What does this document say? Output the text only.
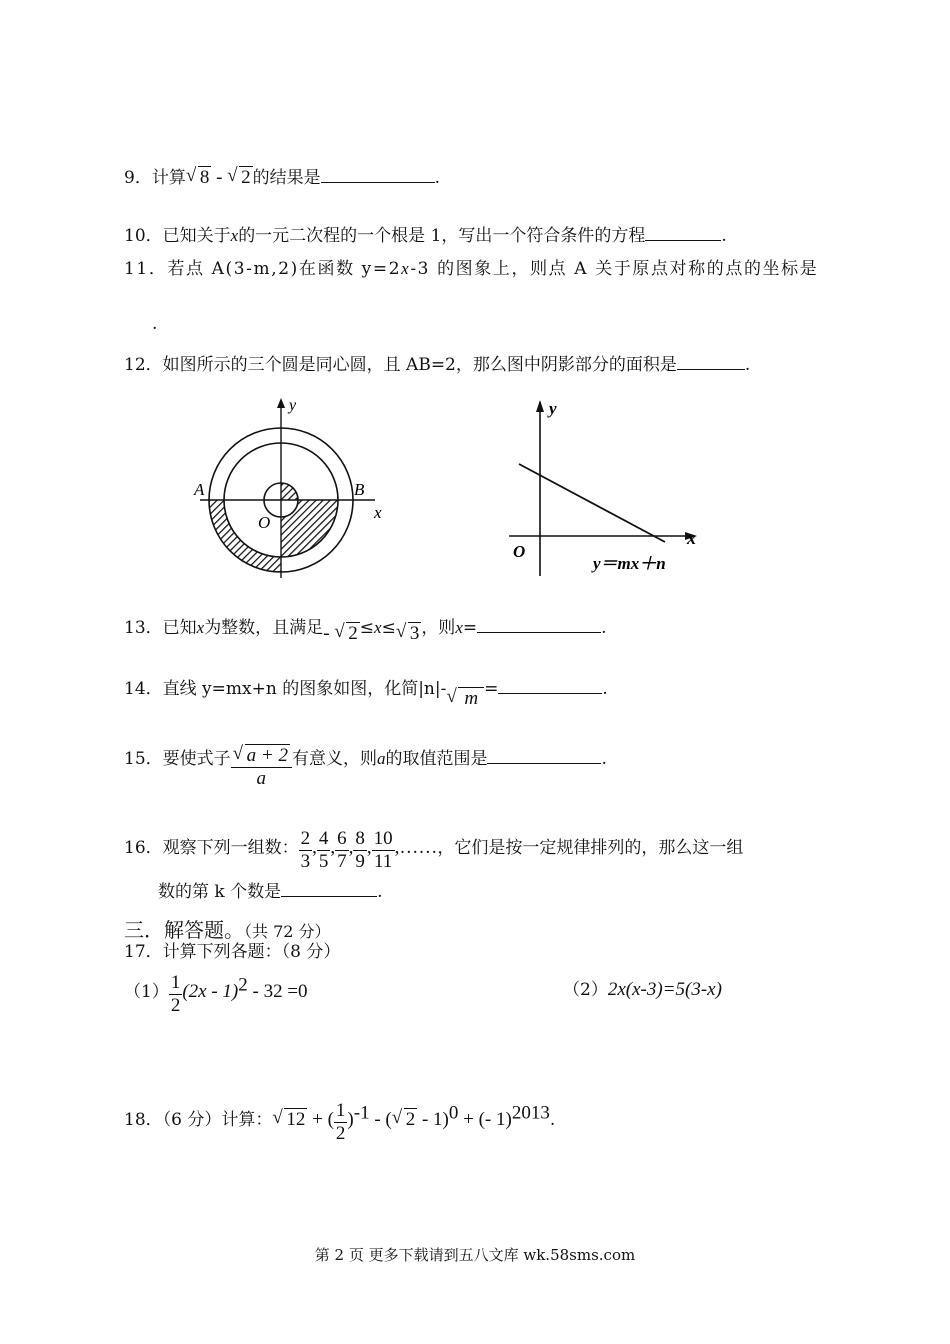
9．计算 √ 8 - √ 2 的结果是	.
10．已知关于x的一元二次程的一个根是 1，写出一个符合条件的方程	.
11．若点 A(3-m,2)在函数 y=2x-3 的图象上，则点 A 关于原点对称的点的坐标是
.
12．如图所示的三个圆是同心圆，且 AB=2，那么图中阴影部分的面积是	.
y
x
A	B
O
y
x
O
y＝mx＋n
13．已知x为整数，且满足- √ 2 ≤x≤ √ 3 ，则x=	.
14．直线 y=mx+n 的图象如图，化简|n|- √ m =	.
15．要使式子 $\frac{√ a + 2}{a}$ 有意义，则a的取值范围是	.
16．观察下列一组数： $\frac{2}{3}$ , $\frac{4}{5}$ , $\frac{6}{7}$ , $\frac{8}{9}$ , $\frac{10}{11}$ ,……，它们是按一定规律排列的，那么这一组
数的第 k 个数是	.
三．解答题。（共 72 分）
17．计算下列各题：（8 分）
$(1) \frac{1}{2} (2x - 1)^2 - 32 =0$	（2）2x(x-3)=5(3-x)
18．（6 分）计算： √ 12 + ( $\frac{1}{2} )^{-1}$ - ( √ 2 - 1)$^0$ + (- 1)$^{2013}$.
第 2 页 更多下载请到五八文库 wk.58sms.com
